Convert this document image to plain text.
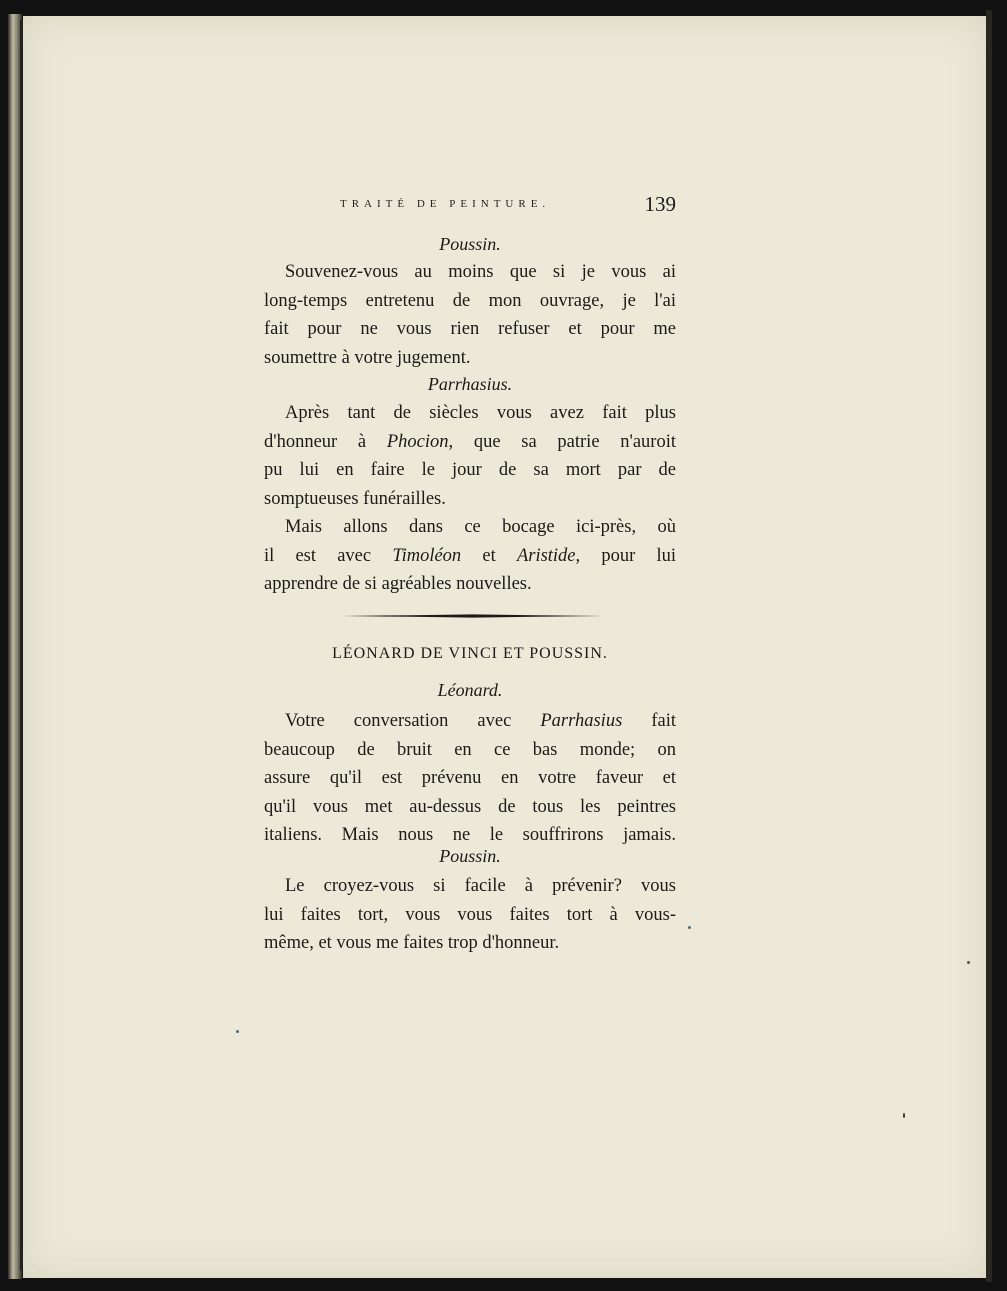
TRAITÉ DE PEINTURE.	139
Poussin.
Souvenez-vous au moins que si je vous ai
long-temps entretenu de mon ouvrage, je l'ai
fait pour ne vous rien refuser et pour me
soumettre à votre jugement.
Parrhasius.
Après tant de siècles vous avez fait plus
d'honneur à Phocion, que sa patrie n'auroit
pu lui en faire le jour de sa mort par de
somptueuses funérailles.
Mais allons dans ce bocage ici-près, où
il est avec Timoléon et Aristide, pour lui
apprendre de si agréables nouvelles.
LÉONARD DE VINCI ET POUSSIN.
Léonard.
Votre conversation avec Parrhasius fait
beaucoup de bruit en ce bas monde; on
assure qu'il est prévenu en votre faveur et
qu'il vous met au-dessus de tous les peintres
italiens. Mais nous ne le souffrirons jamais.
Poussin.
Le croyez-vous si facile à prévenir? vous
lui faites tort, vous vous faites tort à vous-
même, et vous me faites trop d'honneur.
